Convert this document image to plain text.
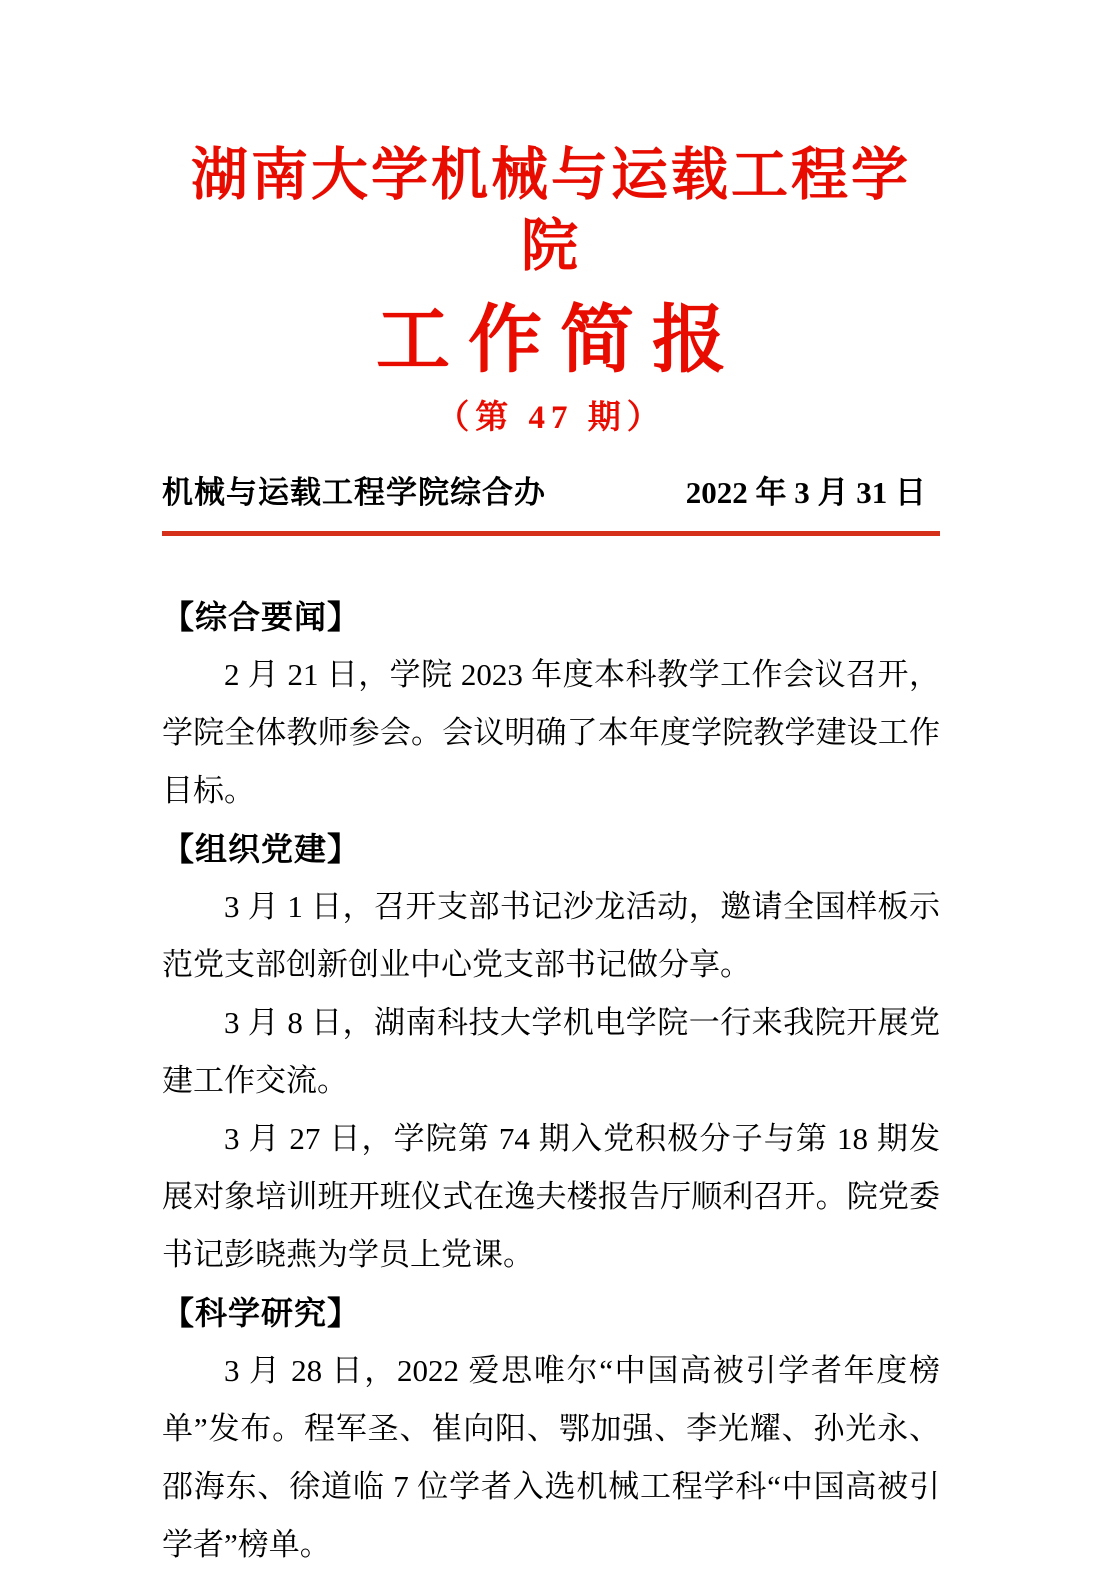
湖南大学机械与运载工程学院
工作简报
（第 47 期）
机械与运载工程学院综合办	2022 年 3 月 31 日
【综合要闻】

2 月 21 日，学院 2023 年度本科教学工作会议召开，学院全体教师参会。会议明确了本年度学院教学建设工作目标。

【组织党建】

3 月 1 日，召开支部书记沙龙活动，邀请全国样板示范党支部创新创业中心党支部书记做分享。

3 月 8 日，湖南科技大学机电学院一行来我院开展党建工作交流。

3 月 27 日，学院第 74 期入党积极分子与第 18 期发展对象培训班开班仪式在逸夫楼报告厅顺利召开。院党委书记彭晓燕为学员上党课。

【科学研究】

3 月 28 日，2022 爱思唯尔“中国高被引学者年度榜单”发布。程军圣、崔向阳、鄂加强、李光耀、孙光永、邵海东、徐道临 7 位学者入选机械工程学科“中国高被引学者”榜单。
